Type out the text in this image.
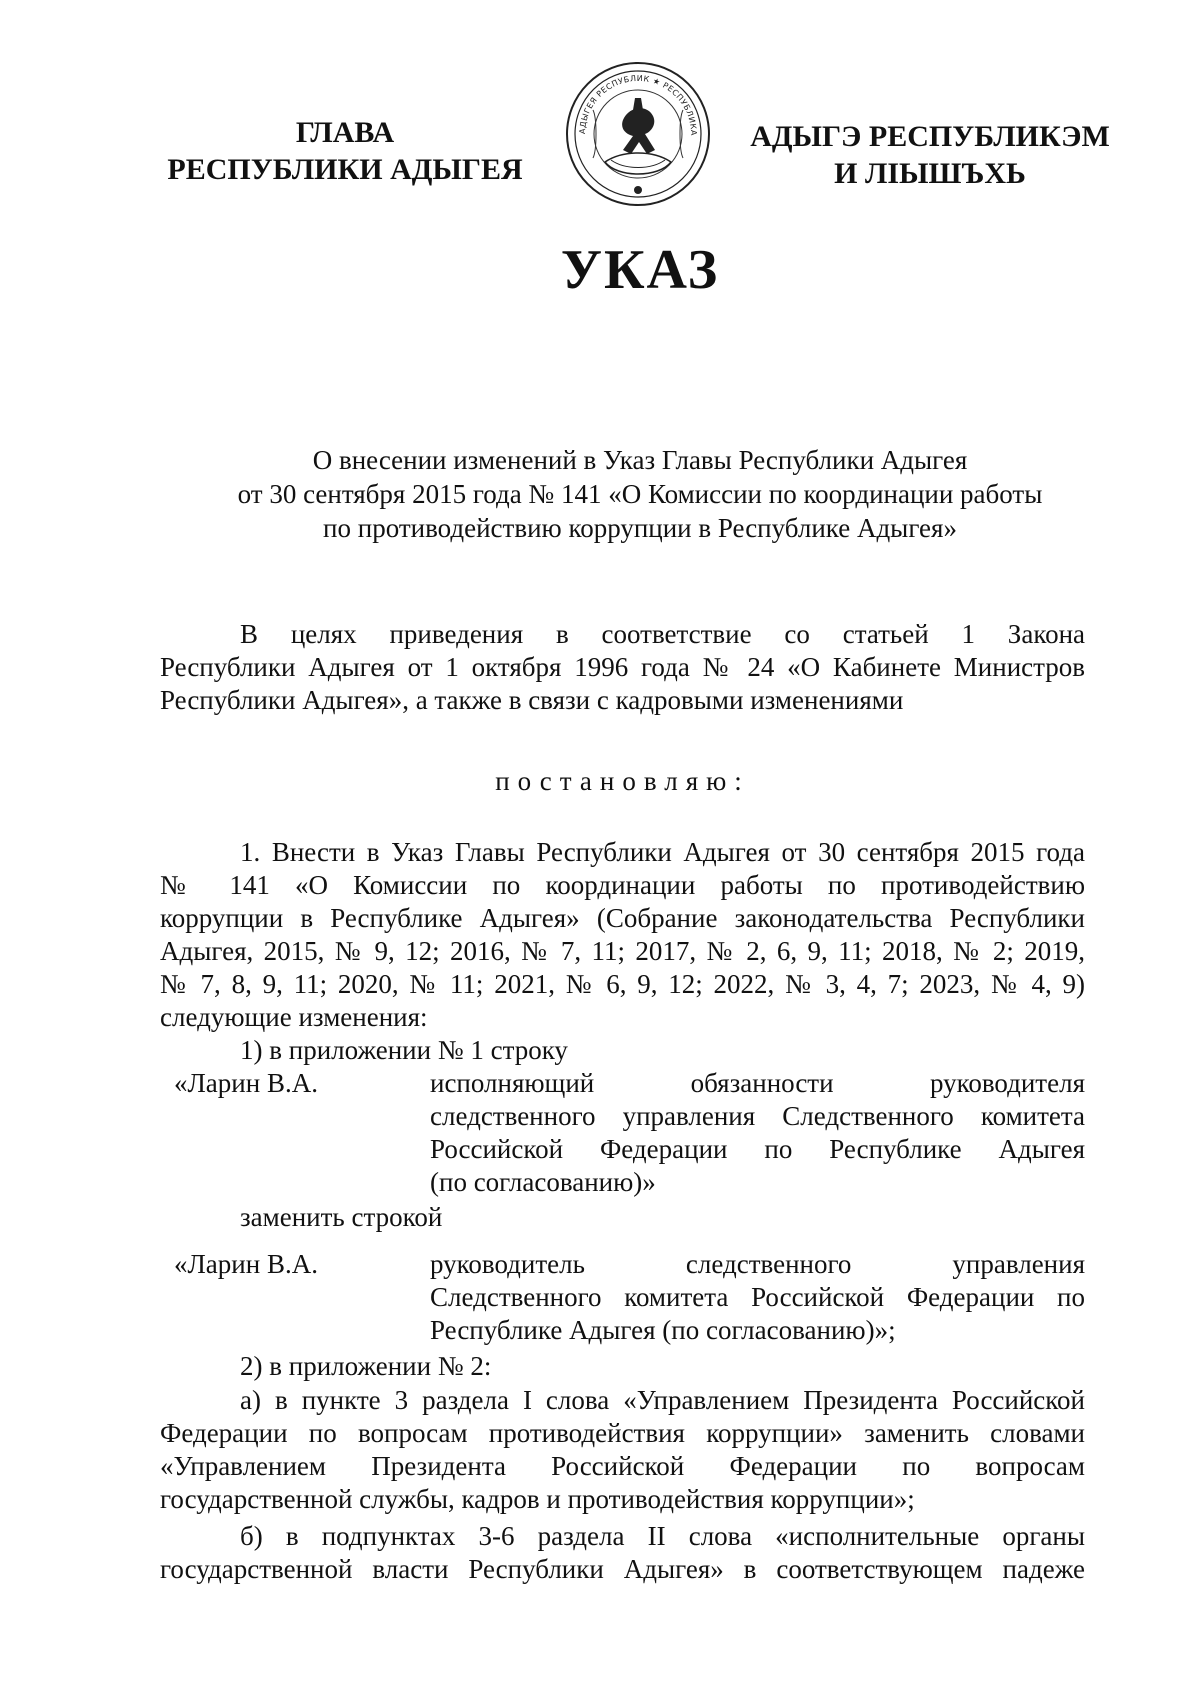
ГЛАВА
РЕСПУБЛИКИ АДЫГЕЯ
АДЫГЕЯ РЕСПУБЛИК ★ РЕСПУБЛИКА	АДЫГЭ РЕСПУБЛИКЭМ
И ЛІЫШЪХЬ
УКАЗ
О внесении изменений в Указ Главы Республики Адыгея
от 30 сентября 2015 года № 141 «О Комиссии по координации работы
по противодействию коррупции в Республике Адыгея»
В целях приведения в соответствие со статьей 1 Закона
Республики Адыгея от 1 октября 1996 года № 24 «О Кабинете Министров
Республики Адыгея», а также в связи с кадровыми изменениями
постановляю:
1. Внести в Указ Главы Республики Адыгея от 30 сентября 2015 года
№ 141 «О Комиссии по координации работы по противодействию
коррупции в Республике Адыгея» (Собрание законодательства Республики
Адыгея, 2015, № 9, 12; 2016, № 7, 11; 2017, № 2, 6, 9, 11; 2018, № 2; 2019,
№ 7, 8, 9, 11; 2020, № 11; 2021, № 6, 9, 12; 2022, № 3, 4, 7; 2023, № 4, 9)
следующие изменения:
1) в приложении № 1 строку
«Ларин В.А.	исполняющий обязанности руководителя
следственного управления Следственного комитета
Российской Федерации по Республике Адыгея
(по согласованию)»
заменить строкой
«Ларин В.А.	руководитель следственного управления
Следственного комитета Российской Федерации по
Республике Адыгея (по согласованию)»;
2) в приложении № 2:
а) в пункте 3 раздела I слова «Управлением Президента Российской
Федерации по вопросам противодействия коррупции» заменить словами
«Управлением Президента Российской Федерации по вопросам
государственной службы, кадров и противодействия коррупции»;
б) в подпунктах 3-6 раздела II слова «исполнительные органы
государственной власти Республики Адыгея» в соответствующем падеже
